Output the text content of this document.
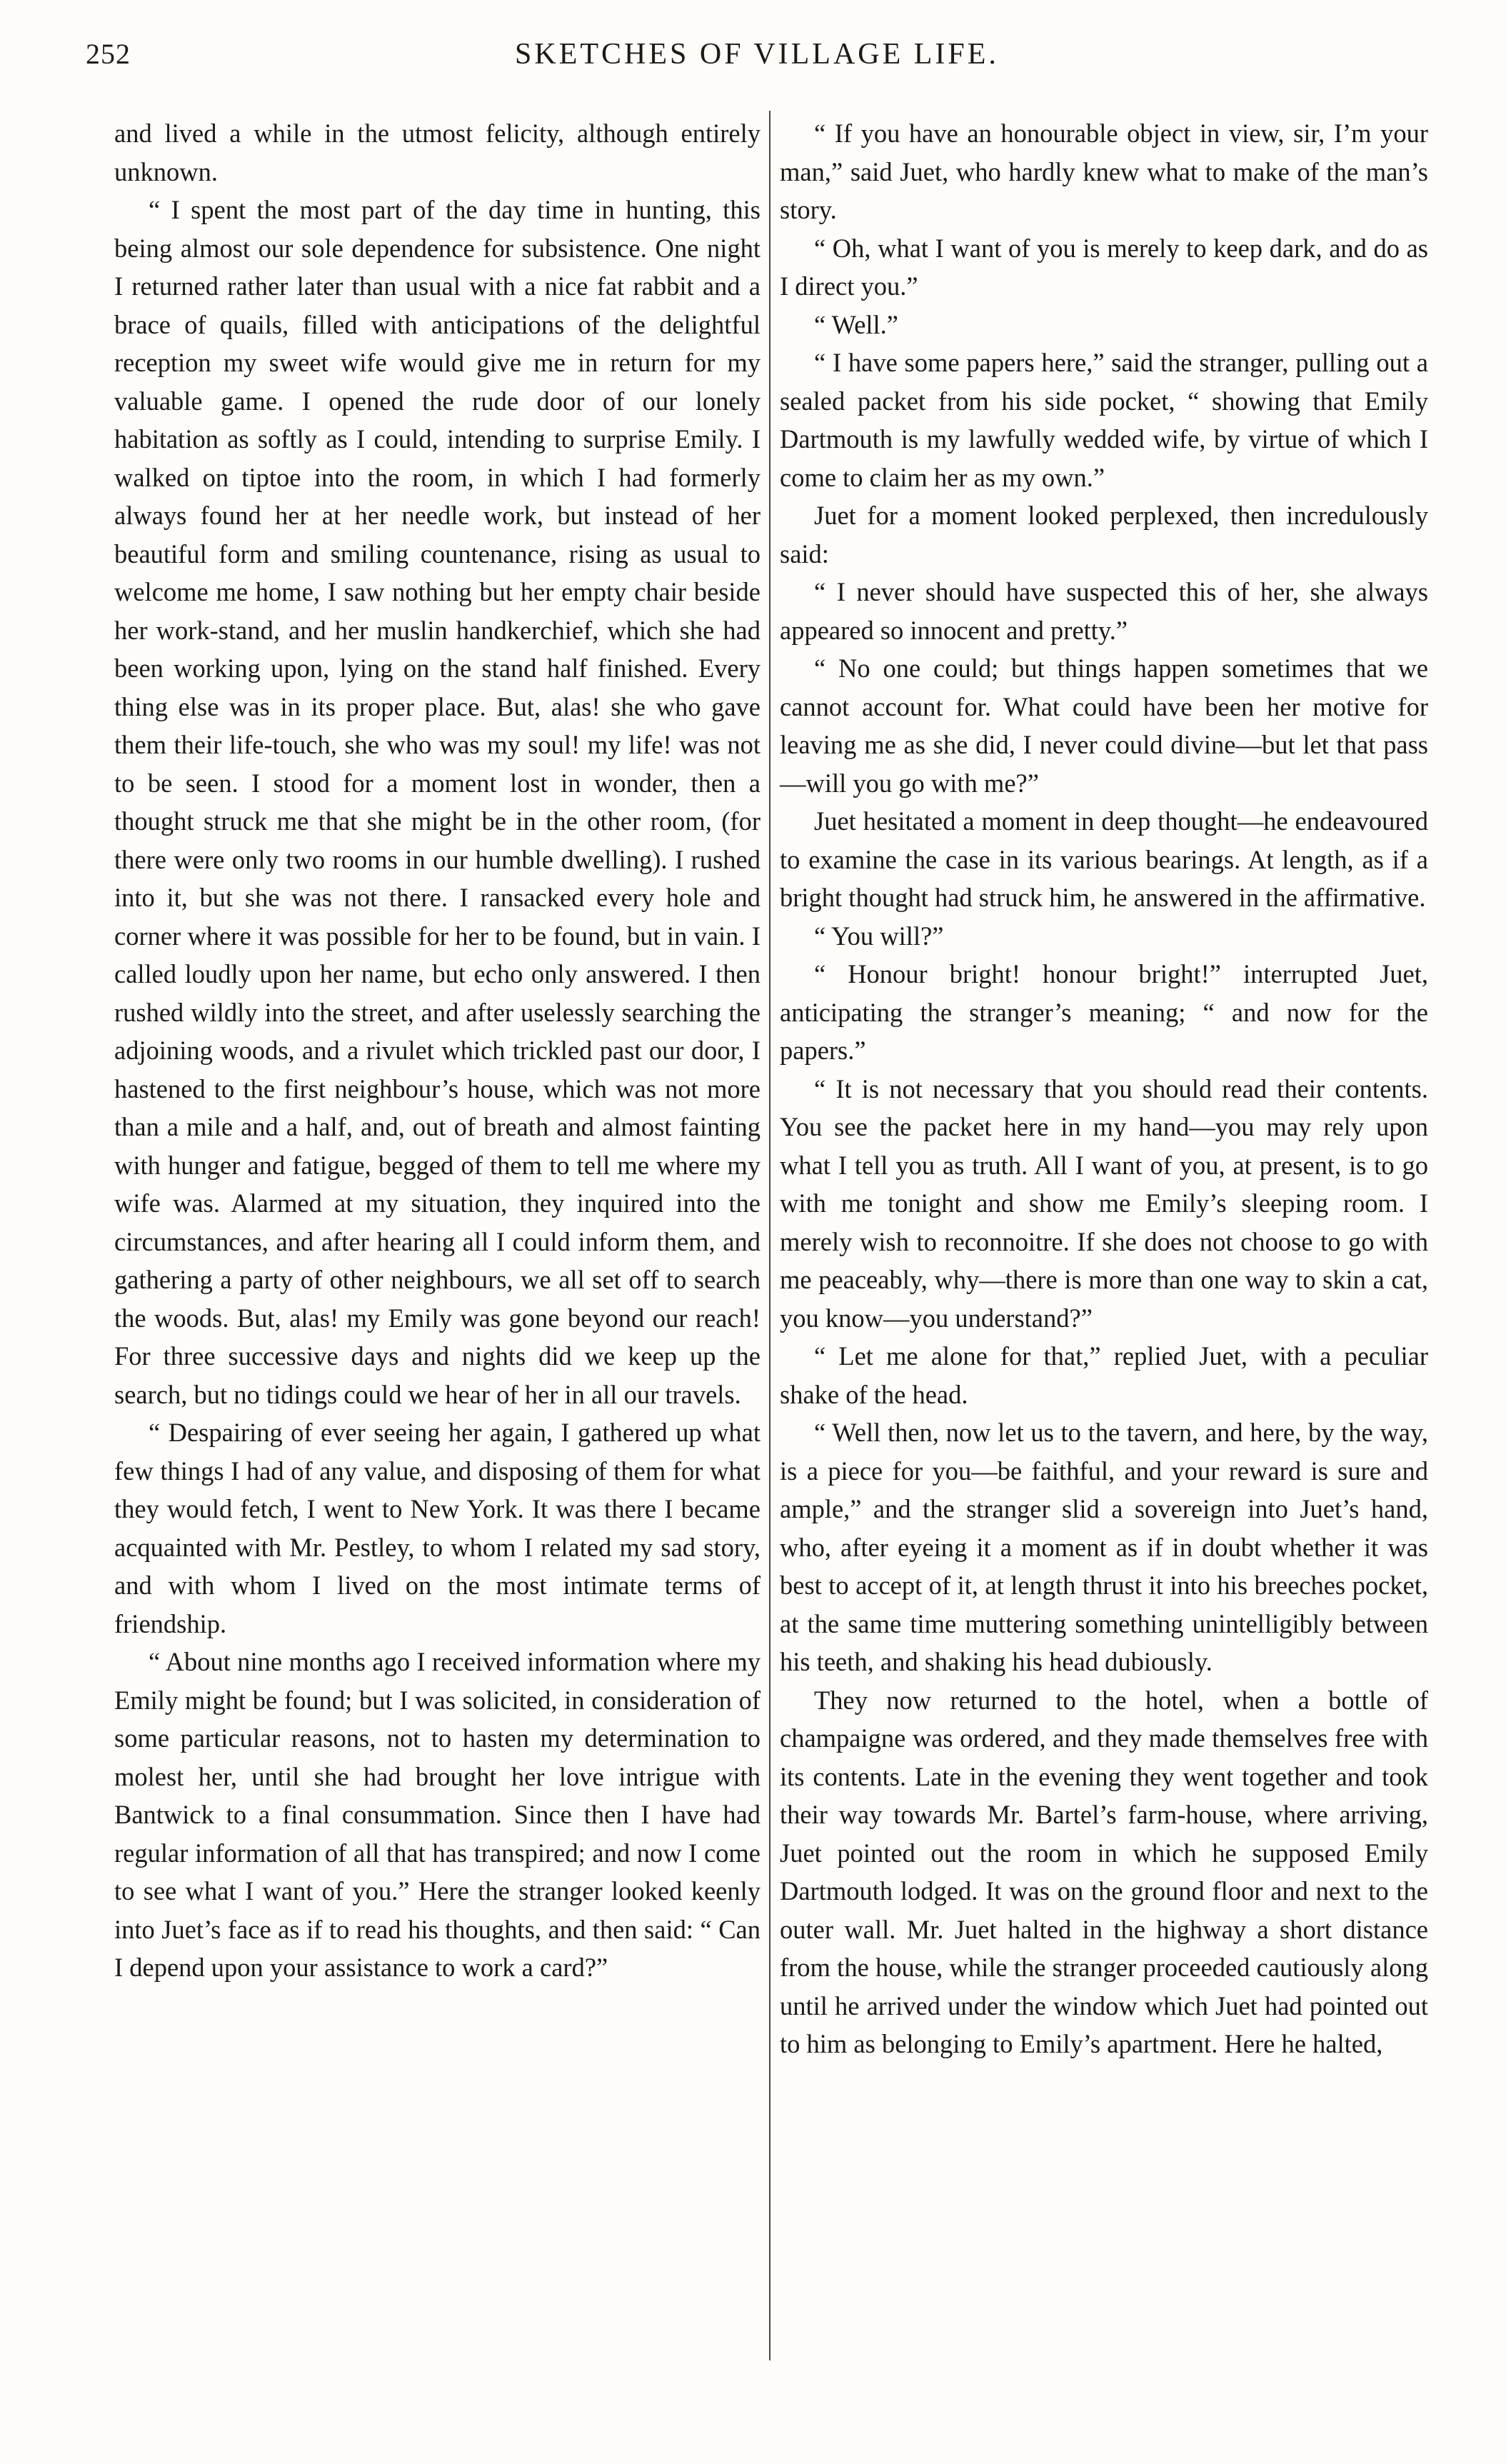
252	SKETCHES OF VILLAGE LIFE.

and lived a while in the utmost felicity, although entirely unknown.

“ I spent the most part of the day time in hunting, this being almost our sole dependence for subsistence. One night I returned rather later than usual with a nice fat rabbit and a brace of quails, filled with anticipations of the delightful reception my sweet wife would give me in return for my valuable game. I opened the rude door of our lonely habitation as softly as I could, intending to surprise Emily. I walked on tiptoe into the room, in which I had formerly always found her at her needle work, but instead of her beautiful form and smiling countenance, rising as usual to welcome me home, I saw nothing but her empty chair beside her work-stand, and her muslin handkerchief, which she had been working upon, lying on the stand half finished. Every thing else was in its proper place. But, alas! she who gave them their life-touch, she who was my soul! my life! was not to be seen. I stood for a moment lost in wonder, then a thought struck me that she might be in the other room, (for there were only two rooms in our humble dwelling). I rushed into it, but she was not there. I ransacked every hole and corner where it was possible for her to be found, but in vain. I called loudly upon her name, but echo only answered. I then rushed wildly into the street, and after uselessly searching the adjoining woods, and a rivulet which trickled past our door, I hastened to the first neighbour’s house, which was not more than a mile and a half, and, out of breath and almost fainting with hunger and fatigue, begged of them to tell me where my wife was. Alarmed at my situation, they inquired into the circumstances, and after hearing all I could inform them, and gathering a party of other neighbours, we all set off to search the woods. But, alas! my Emily was gone beyond our reach! For three successive days and nights did we keep up the search, but no tidings could we hear of her in all our travels.

“ Despairing of ever seeing her again, I gathered up what few things I had of any value, and disposing of them for what they would fetch, I went to New York. It was there I became acquainted with Mr. Pestley, to whom I related my sad story, and with whom I lived on the most intimate terms of friendship.

“ About nine months ago I received information where my Emily might be found; but I was solicited, in consideration of some particular reasons, not to hasten my determination to molest her, until she had brought her love intrigue with Bantwick to a final consummation. Since then I have had regular information of all that has transpired; and now I come to see what I want of you.” Here the stranger looked keenly into Juet’s face as if to read his thoughts, and then said: “ Can I depend upon your assistance to work a card?”

“ If you have an honourable object in view, sir, I’m your man,” said Juet, who hardly knew what to make of the man’s story.

“ Oh, what I want of you is merely to keep dark, and do as I direct you.”

“ Well.”

“ I have some papers here,” said the stranger, pulling out a sealed packet from his side pocket, “ showing that Emily Dartmouth is my lawfully wedded wife, by virtue of which I come to claim her as my own.”

Juet for a moment looked perplexed, then incredulously said:

“ I never should have suspected this of her, she always appeared so innocent and pretty.”

“ No one could; but things happen sometimes that we cannot account for. What could have been her motive for leaving me as she did, I never could divine—but let that pass—will you go with me?”

Juet hesitated a moment in deep thought—he endeavoured to examine the case in its various bearings. At length, as if a bright thought had struck him, he answered in the affirmative.

“ You will?”

“ Honour bright! honour bright!” interrupted Juet, anticipating the stranger’s meaning; “ and now for the papers.”

“ It is not necessary that you should read their contents. You see the packet here in my hand—you may rely upon what I tell you as truth. All I want of you, at present, is to go with me tonight and show me Emily’s sleeping room. I merely wish to reconnoitre. If she does not choose to go with me peaceably, why—there is more than one way to skin a cat, you know—you understand?”

“ Let me alone for that,” replied Juet, with a peculiar shake of the head.

“ Well then, now let us to the tavern, and here, by the way, is a piece for you—be faithful, and your reward is sure and ample,” and the stranger slid a sovereign into Juet’s hand, who, after eyeing it a moment as if in doubt whether it was best to accept of it, at length thrust it into his breeches pocket, at the same time muttering something unintelligibly between his teeth, and shaking his head dubiously.

They now returned to the hotel, when a bottle of champaigne was ordered, and they made themselves free with its contents. Late in the evening they went together and took their way towards Mr. Bartel’s farm-house, where arriving, Juet pointed out the room in which he supposed Emily Dartmouth lodged. It was on the ground floor and next to the outer wall. Mr. Juet halted in the highway a short distance from the house, while the stranger proceeded cautiously along until he arrived under the window which Juet had pointed out to him as belonging to Emily’s apartment. Here he halted,
